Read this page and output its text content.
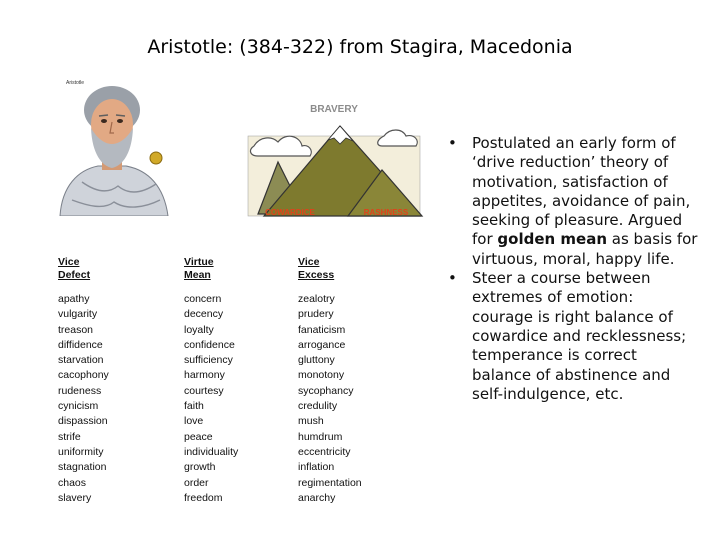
Aristotle: (384-322) from Stagira, Macedonia
Aristotle
BRAVERY
COWARDICE	RASHNESS
Vice
Defect
apathy
vulgarity
treason
diffidence
starvation
cacophony
rudeness
cynicism
dispassion
strife
uniformity
stagnation
chaos
slavery
Virtue
Mean
concern
decency
loyalty
confidence
sufficiency
harmony
courtesy
faith
love
peace
individuality
growth
order
freedom
Vice
Excess
zealotry
prudery
fanaticism
arrogance
gluttony
monotony
sycophancy
credulity
mush
humdrum
eccentricity
inflation
regimentation
anarchy
• Postulated an early form of ‘drive reduction’ theory of motivation, satisfaction of appetites, avoidance of pain, seeking of pleasure. Argued for golden mean as basis for virtuous, moral, happy life.
• Steer a course between extremes of emotion: courage is right balance of cowardice and recklessness; temperance is correct balance of abstinence and self-indulgence, etc.
